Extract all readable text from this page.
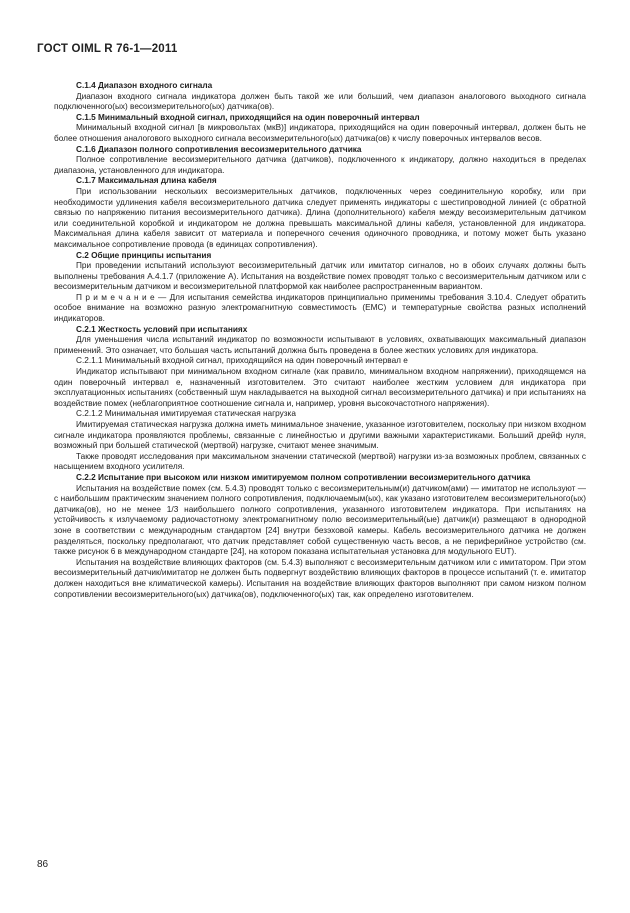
ГОСТ OIML R 76-1—2011

C.1.4 Диапазон входного сигнала

Диапазон входного сигнала индикатора должен быть такой же или больший, чем диапазон аналогового выходного сигнала подключенного(ых) весоизмерительного(ых) датчика(ов).

C.1.5 Минимальный входной сигнал, приходящийся на один поверочный интервал

Минимальный входной сигнал [в микровольтах (мкВ)] индикатора, приходящийся на один поверочный интервал, должен быть не более отношения аналогового выходного сигнала весоизмерительного(ых) датчика(ов) к числу поверочных интервалов весов.

C.1.6 Диапазон полного сопротивления весоизмерительного датчика

Полное сопротивление весоизмерительного датчика (датчиков), подключенного к индикатору, должно находиться в пределах диапазона, установленного для индикатора.

C.1.7 Максимальная длина кабеля

При использовании нескольких весоизмерительных датчиков, подключенных через соединительную коробку, или при необходимости удлинения кабеля весоизмерительного датчика следует применять индикаторы с шестипроводной линией (с обратной связью по напряжению питания весоизмерительного датчика). Длина (дополнительного) кабеля между весоизмерительным датчиком или соединительной коробкой и индикатором не должна превышать максимальной длины кабеля, установленной для индикатора. Максимальная длина кабеля зависит от материала и поперечного сечения одиночного проводника, и потому может быть указано максимальное сопротивление провода (в единицах сопротивления).

C.2 Общие принципы испытания

При проведении испытаний используют весоизмерительный датчик или имитатор сигналов, но в обоих случаях должны быть выполнены требования А.4.1.7 (приложение А). Испытания на воздействие помех проводят только с весоизмерительным датчиком или с весоизмерительным датчиком и весоизмерительной платформой как наиболее распространенным вариантом.

П р и м е ч а н и е — Для испытания семейства индикаторов принципиально применимы требования 3.10.4. Следует обратить особое внимание на возможно разную электромагнитную совместимость (ЕМС) и температурные свойства разных исполнений индикаторов.

C.2.1 Жесткость условий при испытаниях

Для уменьшения числа испытаний индикатор по возможности испытывают в условиях, охватывающих максимальный диапазон применений. Это означает, что большая часть испытаний должна быть проведена в более жестких условиях для индикатора.

C.2.1.1 Минимальный входной сигнал, приходящийся на один поверочный интервал e

Индикатор испытывают при минимальном входном сигнале (как правило, минимальном входном напряжении), приходящемся на один поверочный интервал e, назначенный изготовителем. Это считают наиболее жестким условием для индикатора при эксплуатационных испытаниях (собственный шум накладывается на выходной сигнал весоизмерительного датчика) и при испытаниях на воздействие помех (неблагоприятное соотношение сигнала и, например, уровня высокочастотного напряжения).

C.2.1.2 Минимальная имитируемая статическая нагрузка

Имитируемая статическая нагрузка должна иметь минимальное значение, указанное изготовителем, поскольку при низком входном сигнале индикатора проявляются проблемы, связанные с линейностью и другими важными характеристиками. Больший дрейф нуля, возможный при большей статической (мертвой) нагрузке, считают менее значимым.

Также проводят исследования при максимальном значении статической (мертвой) нагрузки из-за возможных проблем, связанных с насыщением входного усилителя.

C.2.2 Испытание при высоком или низком имитируемом полном сопротивлении весоизмерительного датчика

Испытания на воздействие помех (см. 5.4.3) проводят только с весоизмерительным(и) датчиком(ами) — имитатор не используют — с наибольшим практическим значением полного сопротивления, подключаемым(ых), как указано изготовителем весоизмерительного(ых) датчика(ов), но не менее 1/3 наибольшего полного сопротивления, указанного изготовителем индикатора. При испытаниях на устойчивость к излучаемому радиочастотному электромагнитному полю весоизмерительный(ые) датчик(и) размещают в однородной зоне в соответствии с международным стандартом [24] внутри безэховой камеры. Кабель весоизмерительного датчика не должен разделяться, поскольку предполагают, что датчик представляет собой существенную часть весов, а не периферийное устройство (см. также рисунок 6 в международном стандарте [24], на котором показана испытательная установка для модульного EUT).

Испытания на воздействие влияющих факторов (см. 5.4.3) выполняют с весоизмерительным датчиком или с имитатором. При этом весоизмерительный датчик/имитатор не должен быть подвергнут воздействию влияющих факторов в процессе испытаний (т. е. имитатор должен находиться вне климатической камеры). Испытания на воздействие влияющих факторов выполняют при самом низком полном сопротивлении весоизмерительного(ых) датчика(ов), подключенного(ых) так, как определено изготовителем.

86
